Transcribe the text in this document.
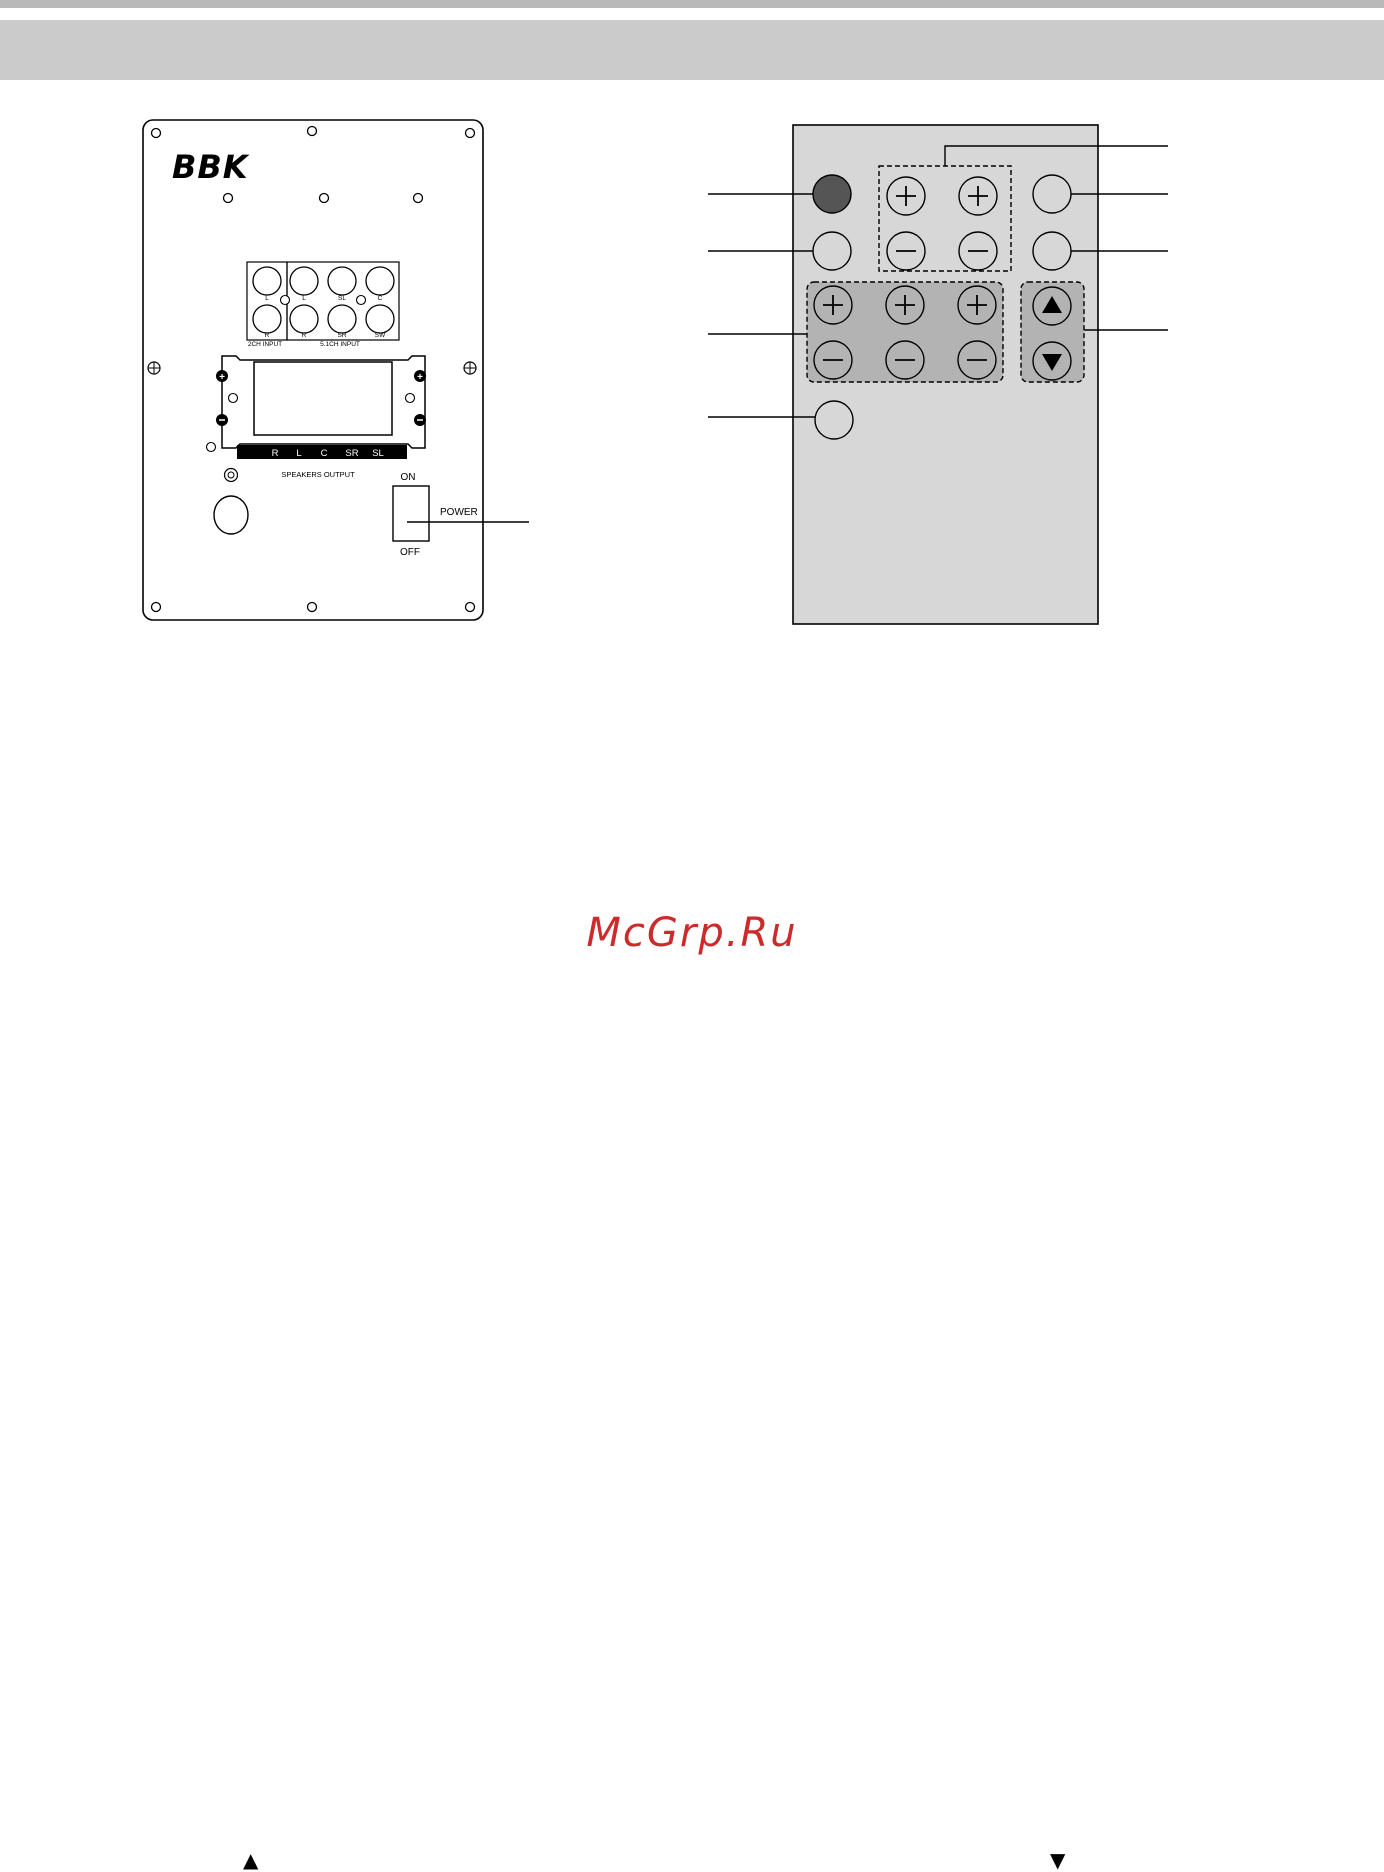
BBK
L
R
L
R
SL
SR
C
SW
2CH INPUT	5.1CH INPUT
+	+
R L C SR SL
SPEAKERS OUTPUT	ON
OFF
POWER
McGrp.Ru
▲	▼
